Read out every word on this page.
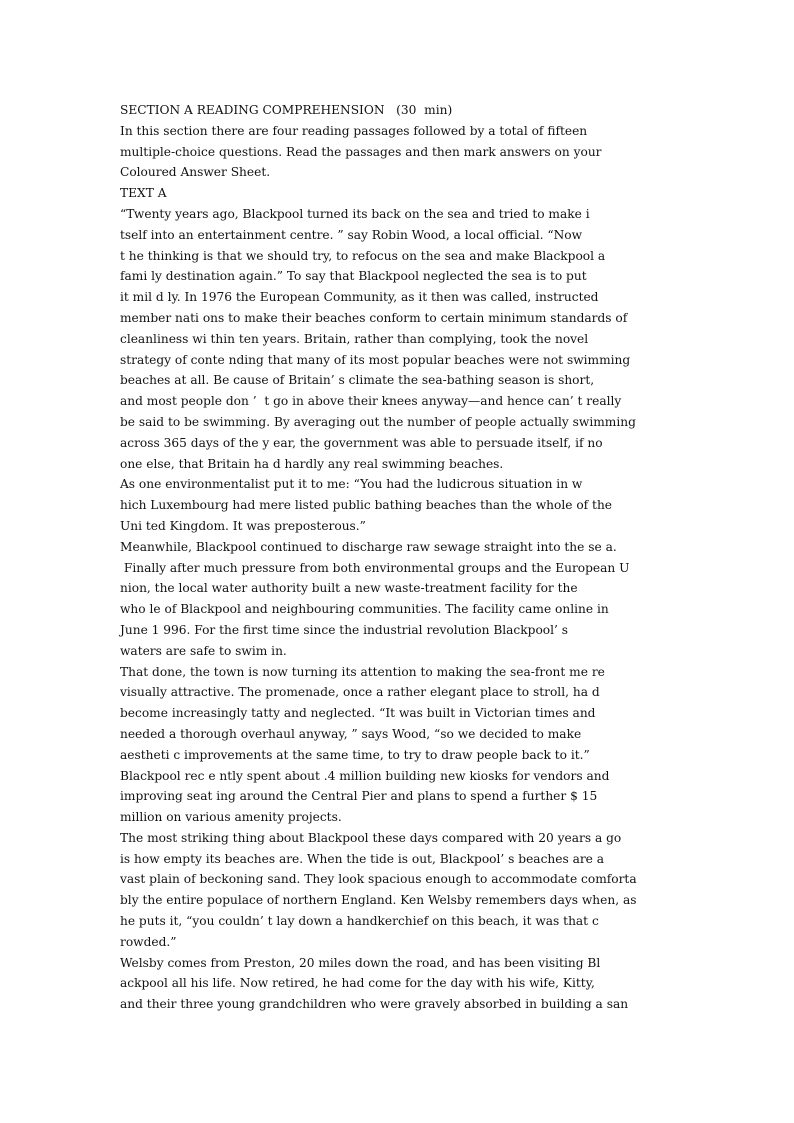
SECTION A READING COMPREHENSION   (30  min)
In this section there are four reading passages followed by a total of fifteen
multiple-choice questions. Read the passages and then mark answers on your
Coloured Answer Sheet.
TEXT A
“Twenty years ago, Blackpool turned its back on the sea and tried to make i
tself into an entertainment centre. ” say Robin Wood, a local official. “Now
t he thinking is that we should try, to refocus on the sea and make Blackpool a
fami ly destination again.” To say that Blackpool neglected the sea is to put
it mil d ly. In 1976 the European Community, as it then was called, instructed
member nati ons to make their beaches conform to certain minimum standards of
cleanliness wi thin ten years. Britain, rather than complying, took the novel
strategy of conte nding that many of its most popular beaches were not swimming
beaches at all. Be cause of Britain’ s climate the sea-bathing season is short,
and most people don ’  t go in above their knees anyway—and hence can’ t really
be said to be swimming. By averaging out the number of people actually swimming
across 365 days of the y ear, the government was able to persuade itself, if no
one else, that Britain ha d hardly any real swimming beaches.
As one environmentalist put it to me: “You had the ludicrous situation in w
hich Luxembourg had mere listed public bathing beaches than the whole of the
Uni ted Kingdom. It was preposterous.”
Meanwhile, Blackpool continued to discharge raw sewage straight into the se a.
Finally after much pressure from both environmental groups and the European U
nion, the local water authority built a new waste-treatment facility for the
who le of Blackpool and neighbouring communities. The facility came online in
June 1 996. For the first time since the industrial revolution Blackpool’ s
waters are safe to swim in.
That done, the town is now turning its attention to making the sea-front me re
visually attractive. The promenade, once a rather elegant place to stroll, ha d
become increasingly tatty and neglected. “It was built in Victorian times and
needed a thorough overhaul anyway, ” says Wood, “so we decided to make
aestheti c improvements at the same time, to try to draw people back to it.”
Blackpool rec e ntly spent about .4 million building new kiosks for vendors and
improving seat ing around the Central Pier and plans to spend a further $ 15
million on various amenity projects.
The most striking thing about Blackpool these days compared with 20 years a go
is how empty its beaches are. When the tide is out, Blackpool’ s beaches are a
vast plain of beckoning sand. They look spacious enough to accommodate comforta
bly the entire populace of northern England. Ken Welsby remembers days when, as
he puts it, “you couldn’ t lay down a handkerchief on this beach, it was that c
rowded.”
Welsby comes from Preston, 20 miles down the road, and has been visiting Bl
ackpool all his life. Now retired, he had come for the day with his wife, Kitty,
and their three young grandchildren who were gravely absorbed in building a san
